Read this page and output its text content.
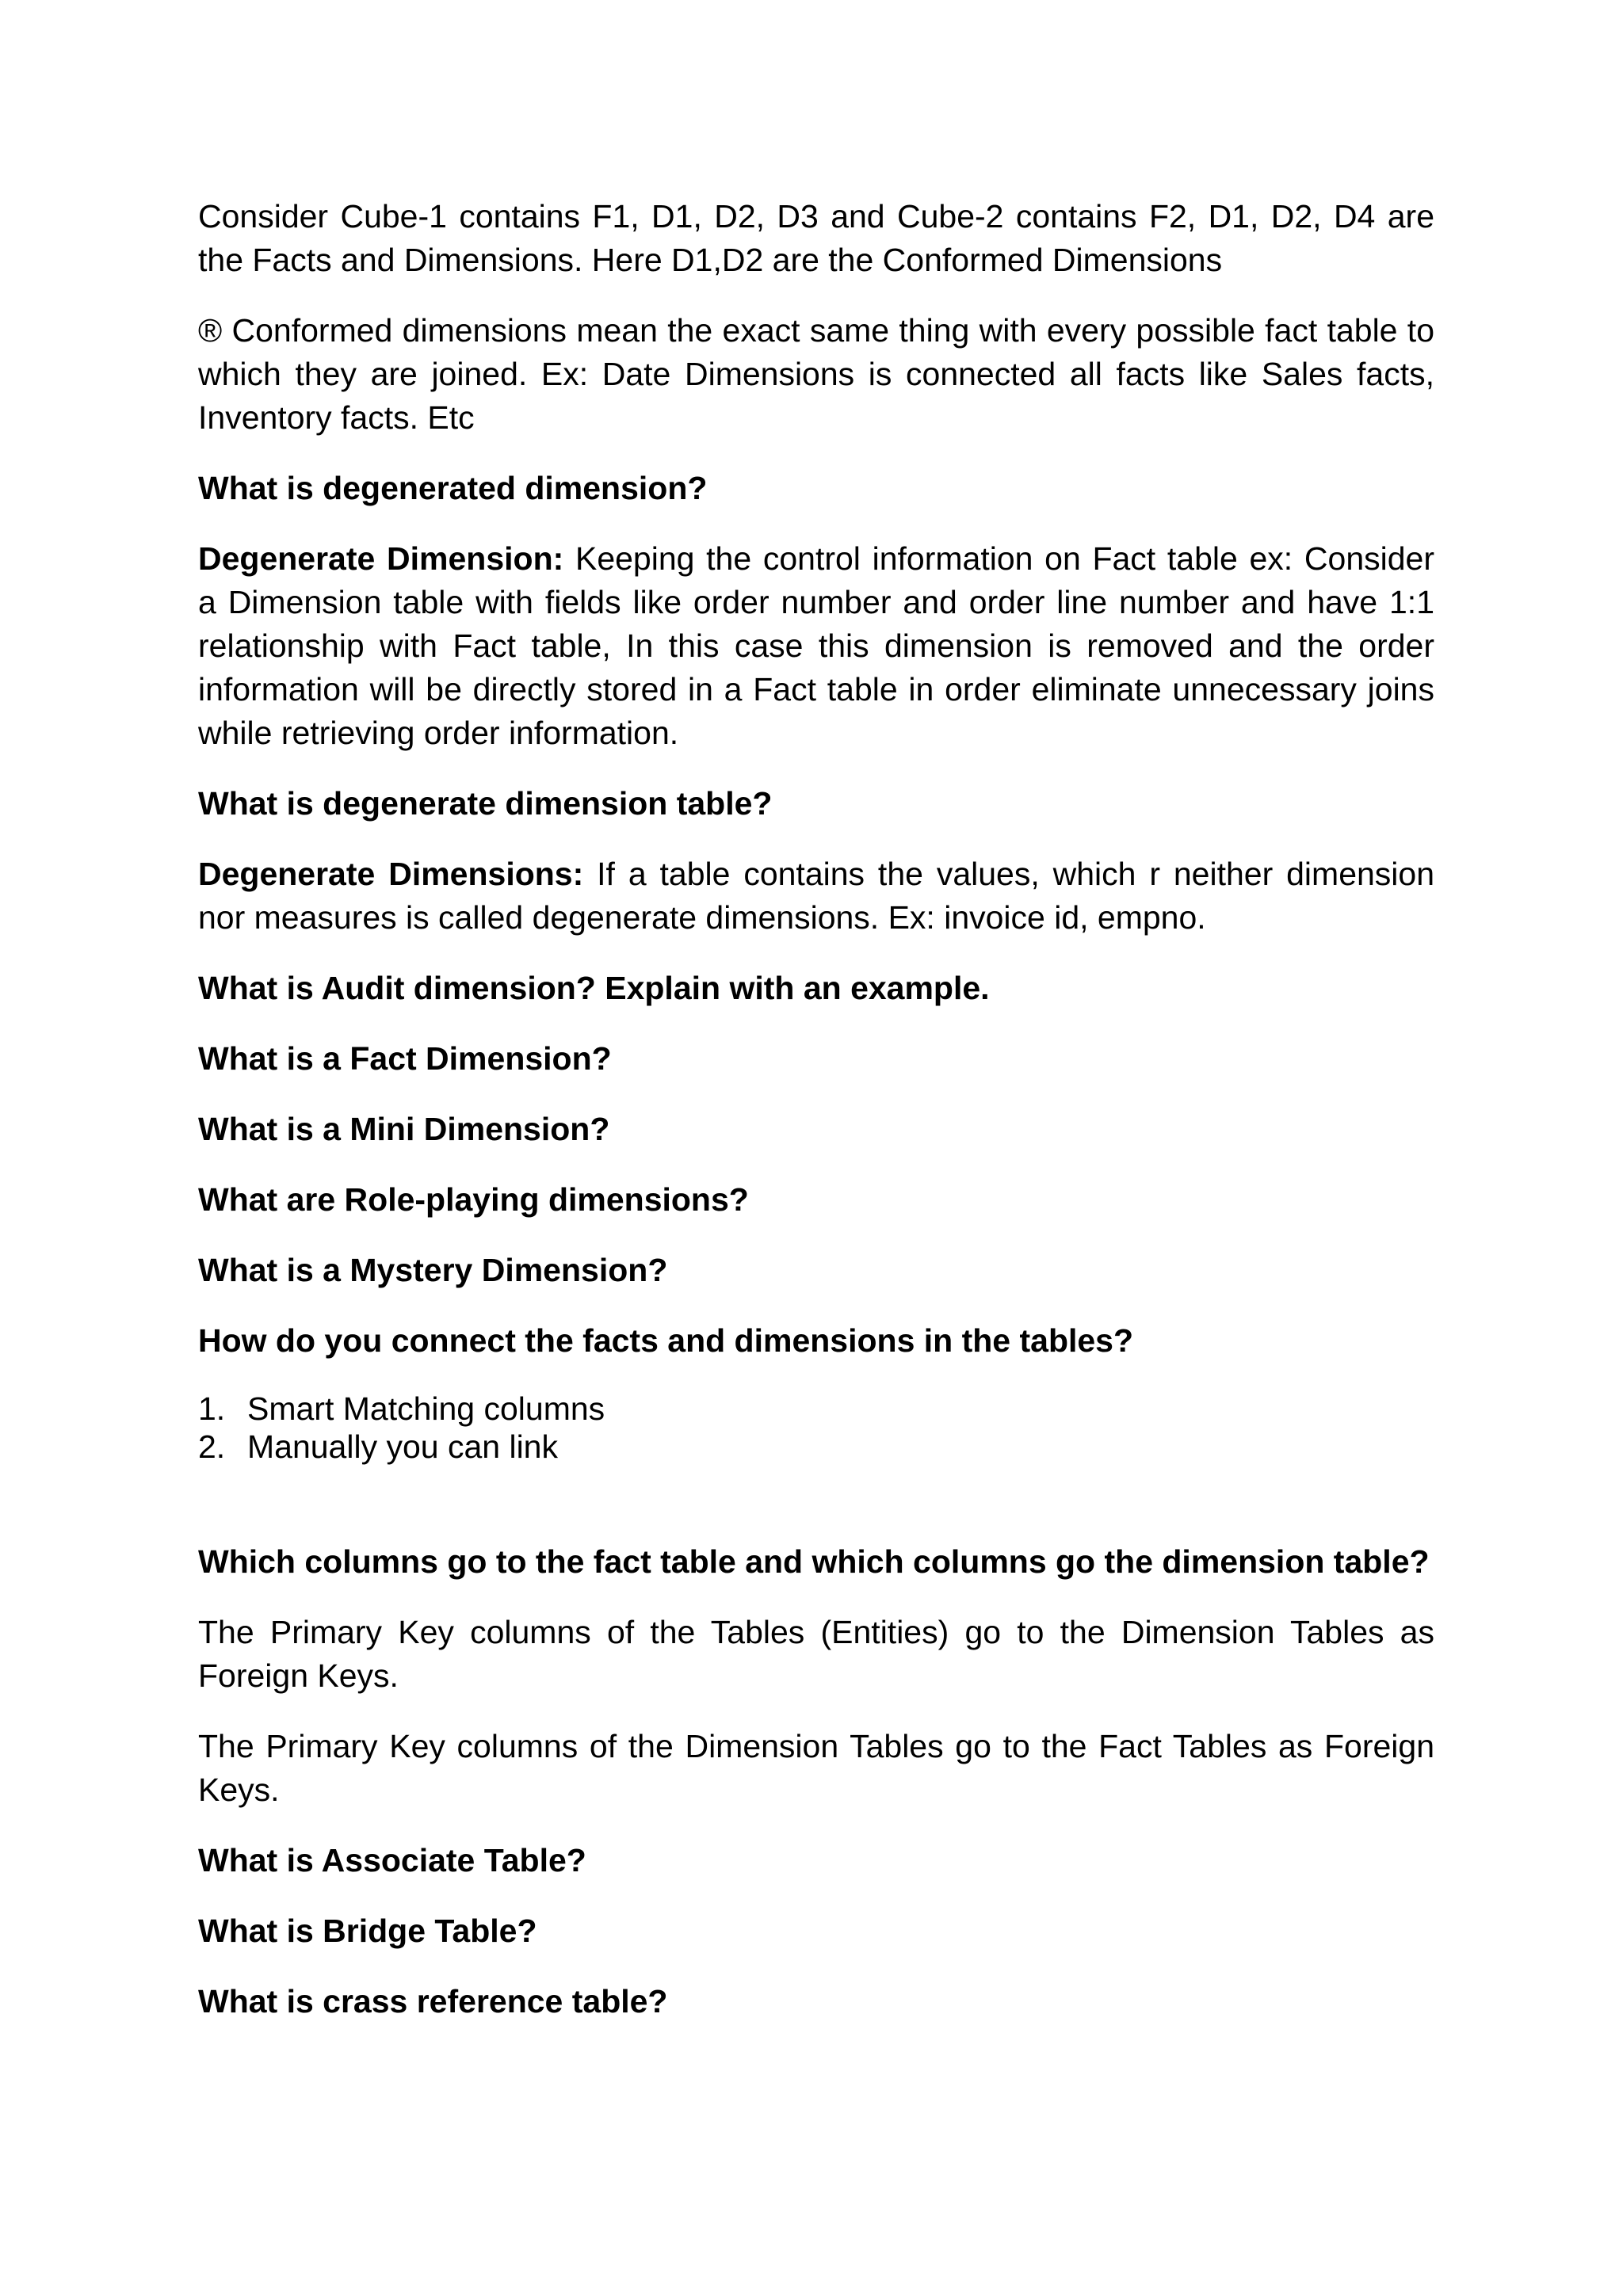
Consider Cube-1 contains F1, D1, D2, D3 and Cube-2 contains F2, D1, D2, D4 are the Facts and Dimensions. Here D1,D2 are the Conformed Dimensions

® Conformed dimensions mean the exact same thing with every possible fact table to which they are joined. Ex: Date Dimensions is connected all facts like Sales facts, Inventory facts. Etc

What is degenerated dimension?

Degenerate Dimension: Keeping the control information on Fact table ex: Consider a Dimension table with fields like order number and order line number and have 1:1 relationship with Fact table, In this case this dimension is removed and the order information will be directly stored in a Fact table in order eliminate unnecessary joins while retrieving order information.

What is degenerate dimension table?

Degenerate Dimensions: If a table contains the values, which r neither dimension nor measures is called degenerate dimensions. Ex: invoice id, empno.

What is Audit dimension? Explain with an example.

What is a Fact Dimension?

What is a Mini Dimension?

What are Role-playing dimensions?

What is a Mystery Dimension?

How do you connect the facts and dimensions in the tables?

1. Smart Matching columns
2. Manually you can link

Which columns go to the fact table and which columns go the dimension table?

The Primary Key columns of the Tables (Entities) go to the Dimension Tables as Foreign Keys.

The Primary Key columns of the Dimension Tables go to the Fact Tables as Foreign Keys.

What is Associate Table?

What is Bridge Table?

What is crass reference table?
